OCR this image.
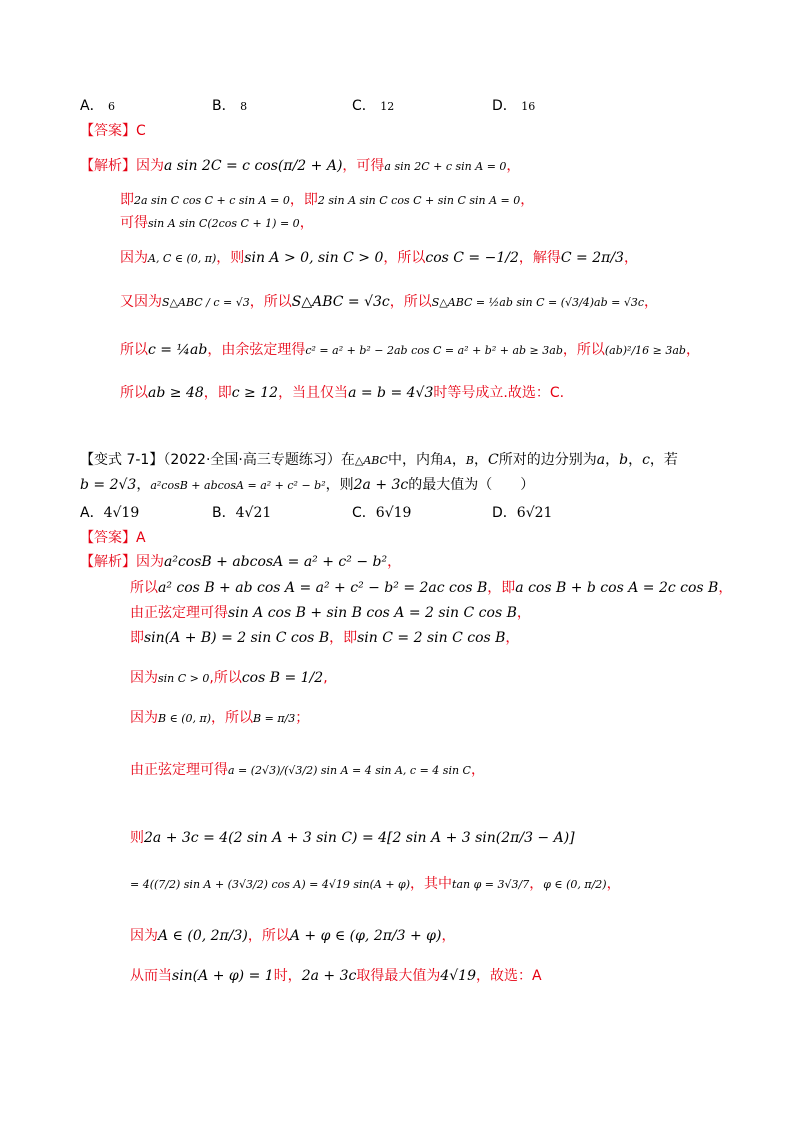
A． 6	B． 8	C． 12	D． 16
【答案】C
【解析】因为a sin 2C = c cos(π/2 + A)，可得a sin 2C + c sin A = 0，
即2a sin C cos C + c sin A = 0，即2 sin A sin C cos C + sin C sin A = 0，
可得sin A sin C(2cos C + 1) = 0，
因为A, C ∈ (0, π)，则sin A > 0, sin C > 0，所以cos C = −1/2，解得C = 2π/3，
又因为S△ABC / c = √3，所以S△ABC = √3c，所以S△ABC = ½ab sin C = (√3/4)ab = √3c，
所以c = ¼ab，由余弦定理得c² = a² + b² − 2ab cos C = a² + b² + ab ≥ 3ab，所以(ab)²/16 ≥ 3ab，
所以ab ≥ 48，即c ≥ 12，当且仅当a = b = 4√3时等号成立.故选：C.
【变式 7-1】（2022·全国·高三专题练习）在△ABC中，内角A，B，C所对的边分别为a，b，c，若
b = 2√3，a²cosB + abcosA = a² + c² − b²，则2a + 3c的最大值为（　　）
A．4√19	B．4√21	C．6√19	D．6√21
【答案】A
【解析】因为a²cosB + abcosA = a² + c² − b²，
所以a² cos B + ab cos A = a² + c² − b² = 2ac cos B，即a cos B + b cos A = 2c cos B，
由正弦定理可得sin A cos B + sin B cos A = 2 sin C cos B，
即sin(A + B) = 2 sin C cos B，即sin C = 2 sin C cos B，
因为sin C > 0,所以cos B = 1/2,
因为B ∈ (0, π)，所以B = π/3；
由正弦定理可得a = (2√3)/(√3/2) sin A = 4 sin A, c = 4 sin C，
则2a + 3c = 4(2 sin A + 3 sin C) = 4[2 sin A + 3 sin(2π/3 − A)]
= 4((7/2) sin A + (3√3/2) cos A) = 4√19 sin(A + φ)，其中tan φ = 3√3/7，φ ∈ (0, π/2)，
因为A ∈ (0, 2π/3)，所以A + φ ∈ (φ, 2π/3 + φ)，
从而当sin(A + φ) = 1时，2a + 3c取得最大值为4√19，故选：A
